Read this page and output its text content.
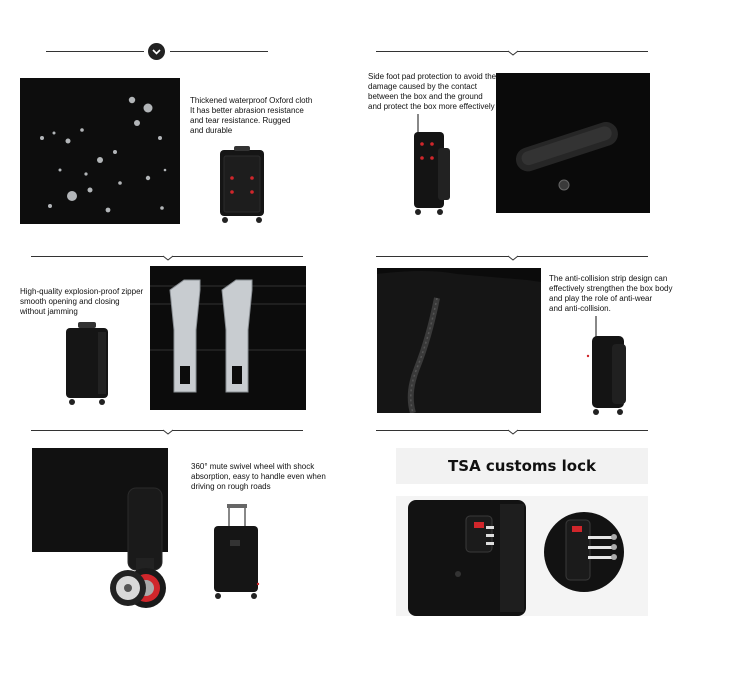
Thickened waterproof Oxford cloth
It has better abrasion resistance
and tear resistance. Rugged
and durable
Side foot pad protection to avoid the
damage caused by the contact
between the box and the ground
and protect the box more effectively
High-quality explosion-proof zipper
smooth opening and closing
without jamming
The anti-collision strip design can
effectively strengthen the box body
and play the role of anti-wear
and anti-collision.
360° mute swivel wheel with shock
absorption, easy to handle even when
driving on rough roads
TSA customs lock
